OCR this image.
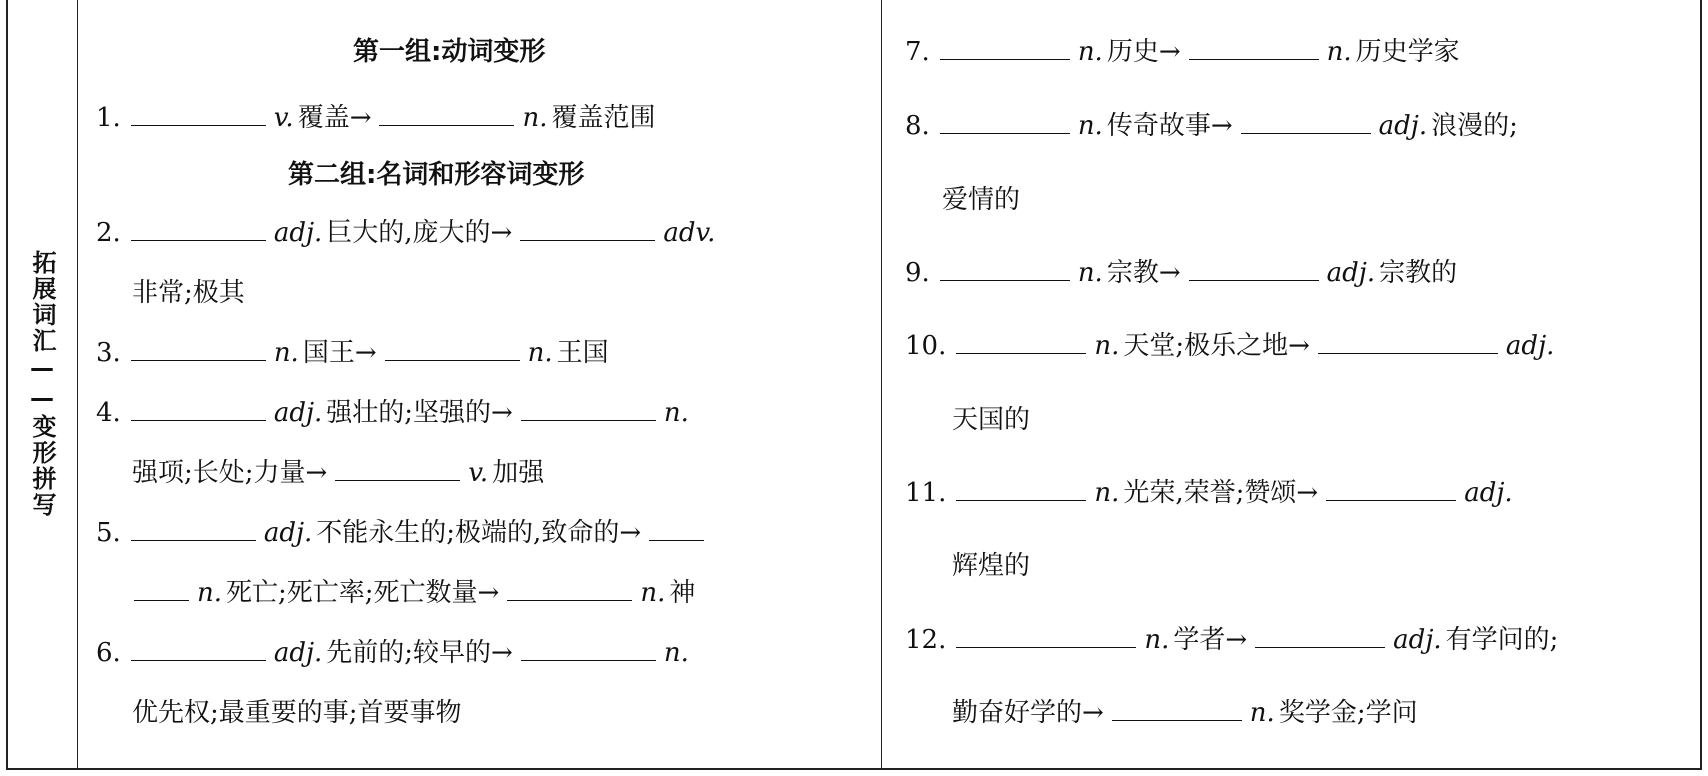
拓展词汇——变形拼写
第一组:动词变形
1.	v. 覆盖→	n. 覆盖范围
第二组:名词和形容词变形
2.	adj. 巨大的,庞大的→	adv.
非常;极其
3.	n. 国王→	n. 王国
4.	adj. 强壮的;坚强的→	n.
强项;长处;力量→	v. 加强
5.	adj. 不能永生的;极端的,致命的→
n. 死亡;死亡率;死亡数量→	n. 神
6.	adj. 先前的;较早的→	n.
优先权;最重要的事;首要事物
7.	n. 历史→	n. 历史学家
8.	n. 传奇故事→	adj. 浪漫的;
爱情的
9.	n. 宗教→	adj. 宗教的
10.	n. 天堂;极乐之地→	adj.
天国的
11.	n. 光荣,荣誉;赞颂→	adj.
辉煌的
12.	n. 学者→	adj. 有学问的;
勤奋好学的→	n. 奖学金;学问
